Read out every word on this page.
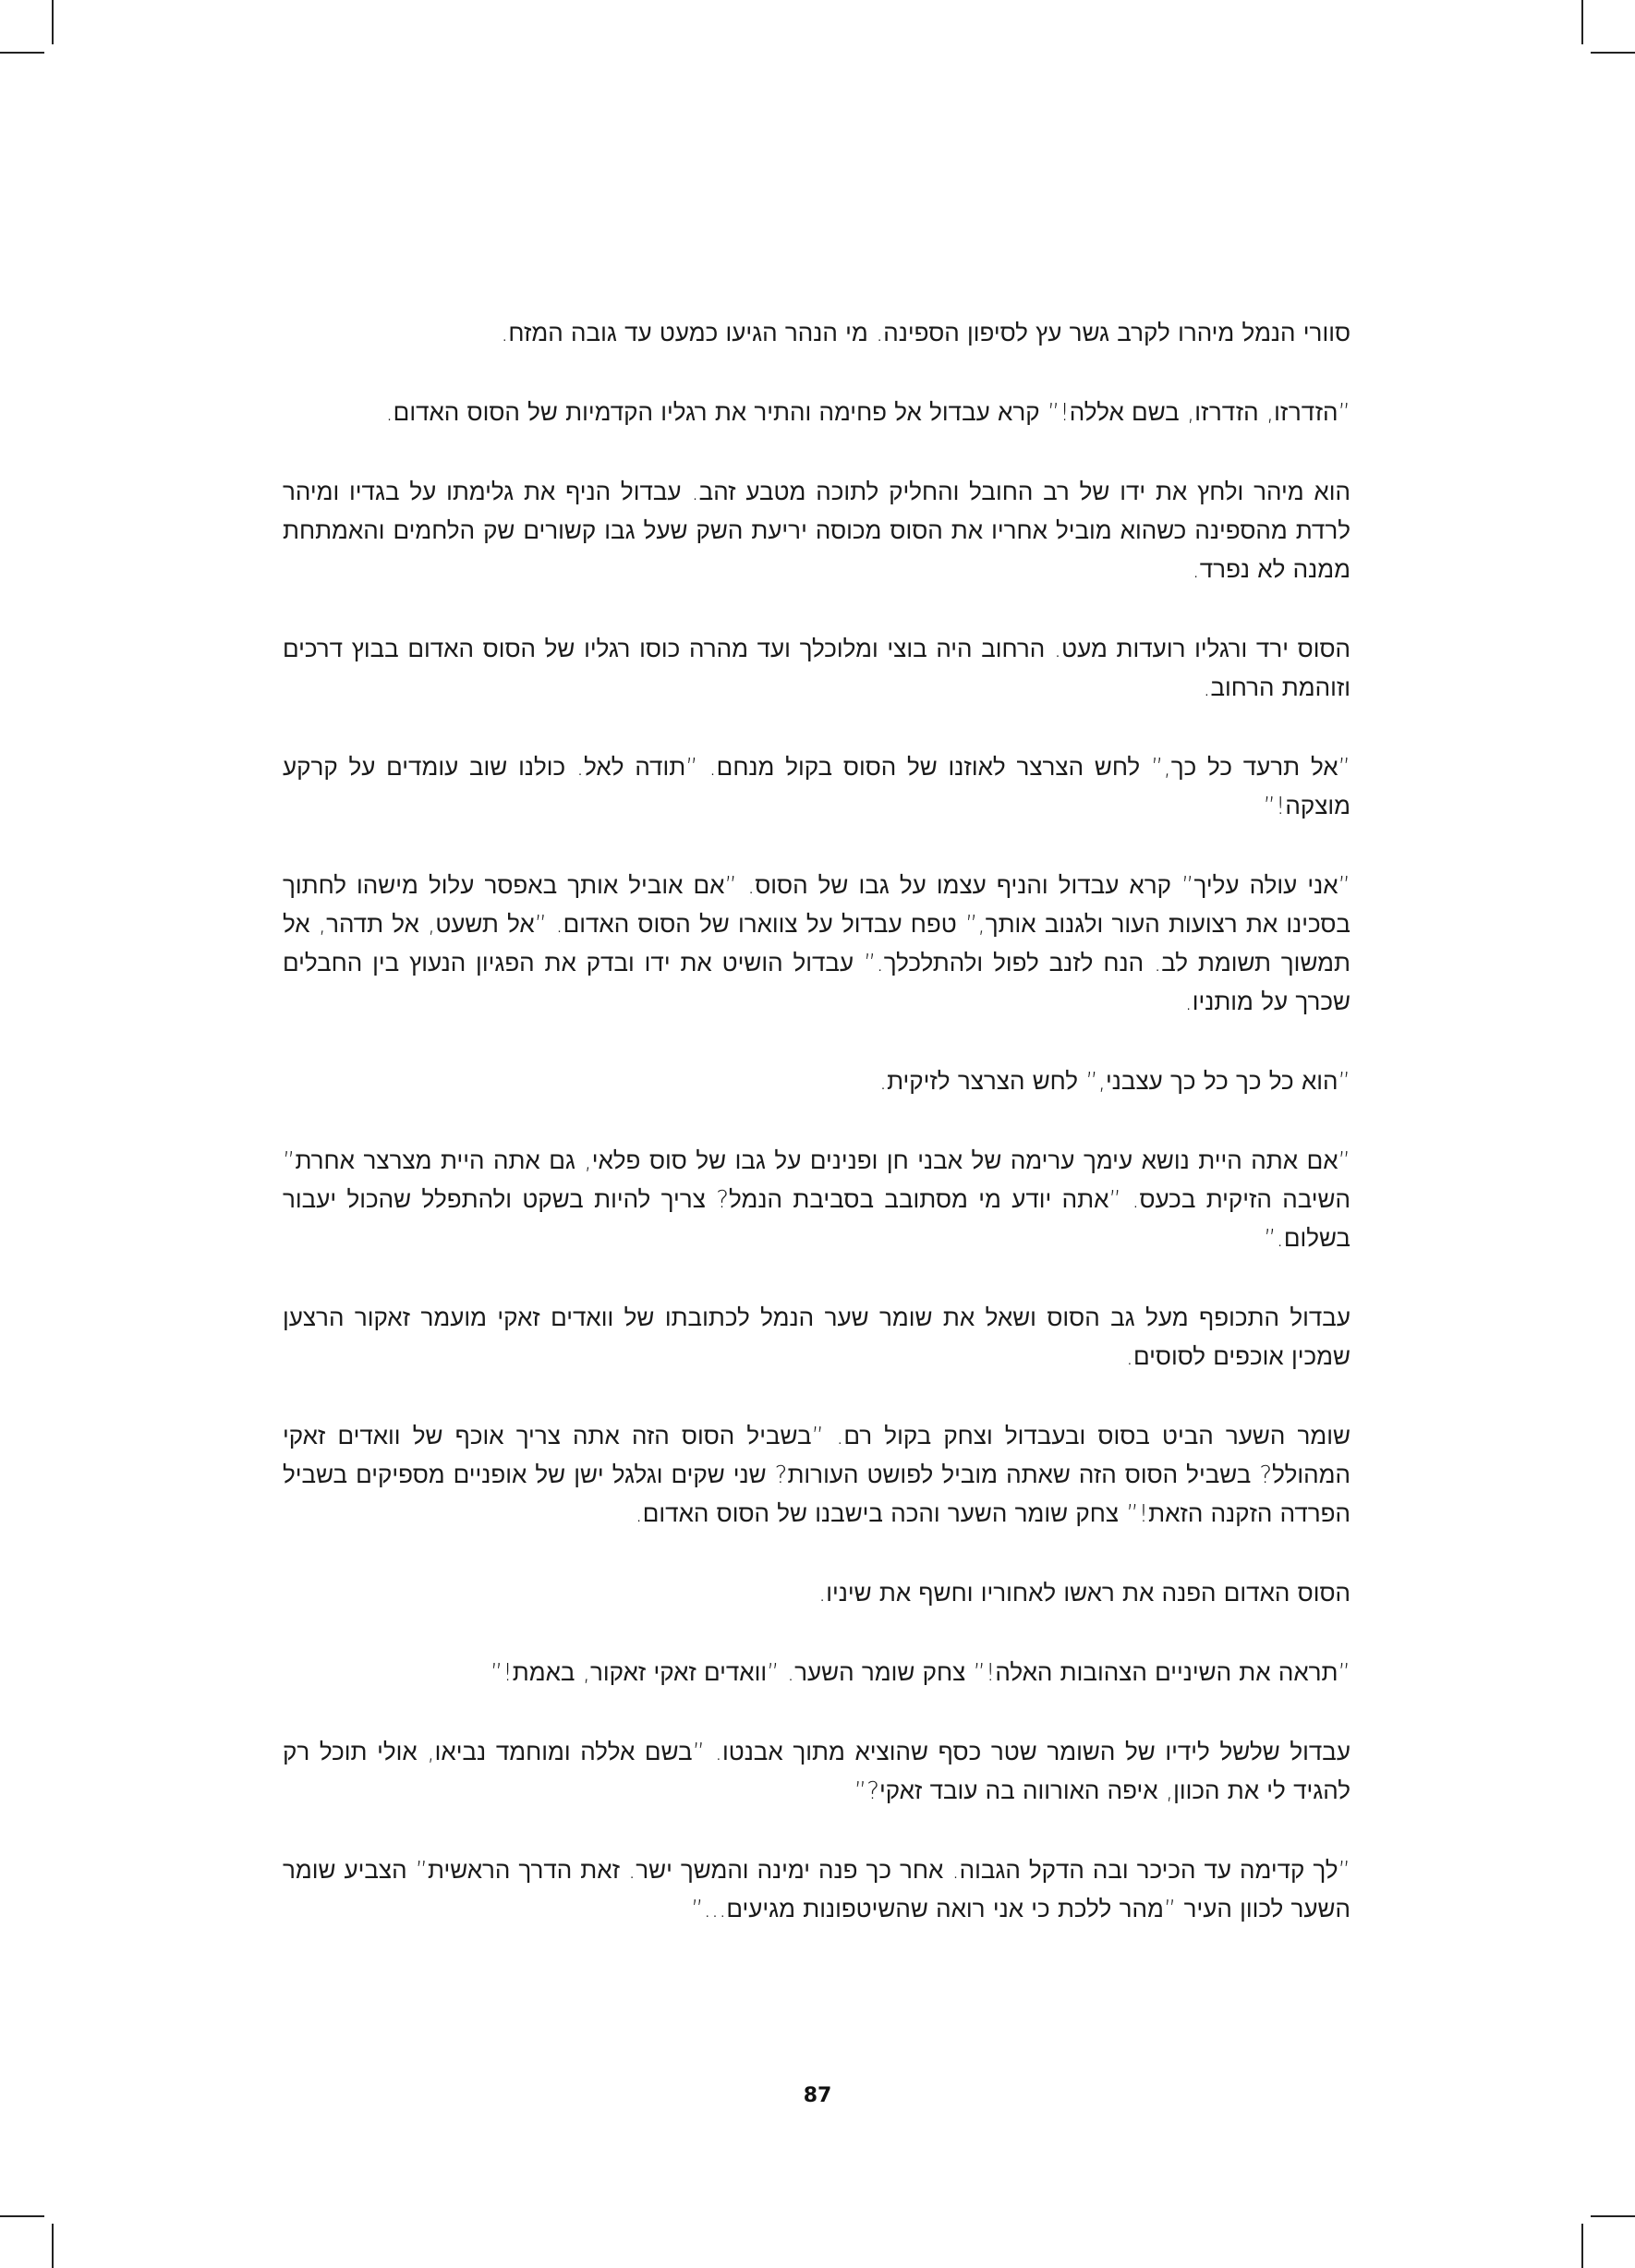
סוורי הנמל מיהרו לקרב גשר עץ לסיפון הספינה. מי הנהר הגיעו כמעט עד גובה המזח.

”הזדרזו, הזדרזו, בשם אללה!” קרא עבדול אל פחימה והתיר את רגליו הקדמיות של הסוס האדום.

הוא מיהר ולחץ את ידו של רב החובל והחליק לתוכה מטבע זהב. עבדול הניף את גלימתו על בגדיו ומיהר לרדת מהספינה כשהוא מוביל אחריו את הסוס מכוסה יריעת השק שעל גבו קשורים שק הלחמים והאמתחת ממנה לא נפרד.

הסוס ירד ורגליו רועדות מעט. הרחוב היה בוצי ומלוכלך ועד מהרה כוסו רגליו של הסוס האדום בבוץ דרכים וזוהמת הרחוב.

”אל תרעד כל כך,” לחש הצרצר לאוזנו של הסוס בקול מנחם. ”תודה לאל. כולנו שוב עומדים על קרקע מוצקה!”

”אני עולה עליך” קרא עבדול והניף עצמו על גבו של הסוס. ”אם אוביל אותך באפסר עלול מישהו לחתוך בסכינו את רצועות העור ולגנוב אותך,” טפח עבדול על צווארו של הסוס האדום. ”אל תשעט, אל תדהר, אל תמשוך תשומת לב. הנח לזנב לפול ולהתלכלך.” עבדול הושיט את ידו ובדק את הפגיון הנעוץ בין החבלים שכרך על מותניו.

”הוא כל כך כל כך עצבני,” לחש הצרצר לזיקית.

”אם אתה היית נושא עימך ערימה של אבני חן ופנינים על גבו של סוס פלאי, גם אתה היית מצרצר אחרת” השיבה הזיקית בכעס. ”אתה יודע מי מסתובב בסביבת הנמל? צריך להיות בשקט ולהתפלל שהכול יעבור בשלום.”

עבדול התכופף מעל גב הסוס ושאל את שומר שער הנמל לכתובתו של וואדים זאקי מועמר זאקור הרצען שמכין אוכפים לסוסים.

שומר השער הביט בסוס ובעבדול וצחק בקול רם. ”בשביל הסוס הזה אתה צריך אוכף של וואדים זאקי המהולל? בשביל הסוס הזה שאתה מוביל לפושט העורות? שני שקים וגלגל ישן של אופניים מספיקים בשביל הפרדה הזקנה הזאת!” צחק שומר השער והכה בישבנו של הסוס האדום.

הסוס האדום הפנה את ראשו לאחוריו וחשף את שיניו.

”תראה את השיניים הצהובות האלה!” צחק שומר השער. ”וואדים זאקי זאקור, באמת!”

עבדול שלשל לידיו של השומר שטר כסף שהוציא מתוך אבנטו. ”בשם אללה ומוחמד נביאו, אולי תוכל רק להגיד לי את הכוון, איפה האורווה בה עובד זאקי?”

”לך קדימה עד הכיכר ובה הדקל הגבוה. אחר כך פנה ימינה והמשך ישר. זאת הדרך הראשית” הצביע שומר השער לכוון העיר ”מהר ללכת כי אני רואה שהשיטפונות מגיעים...”

87
